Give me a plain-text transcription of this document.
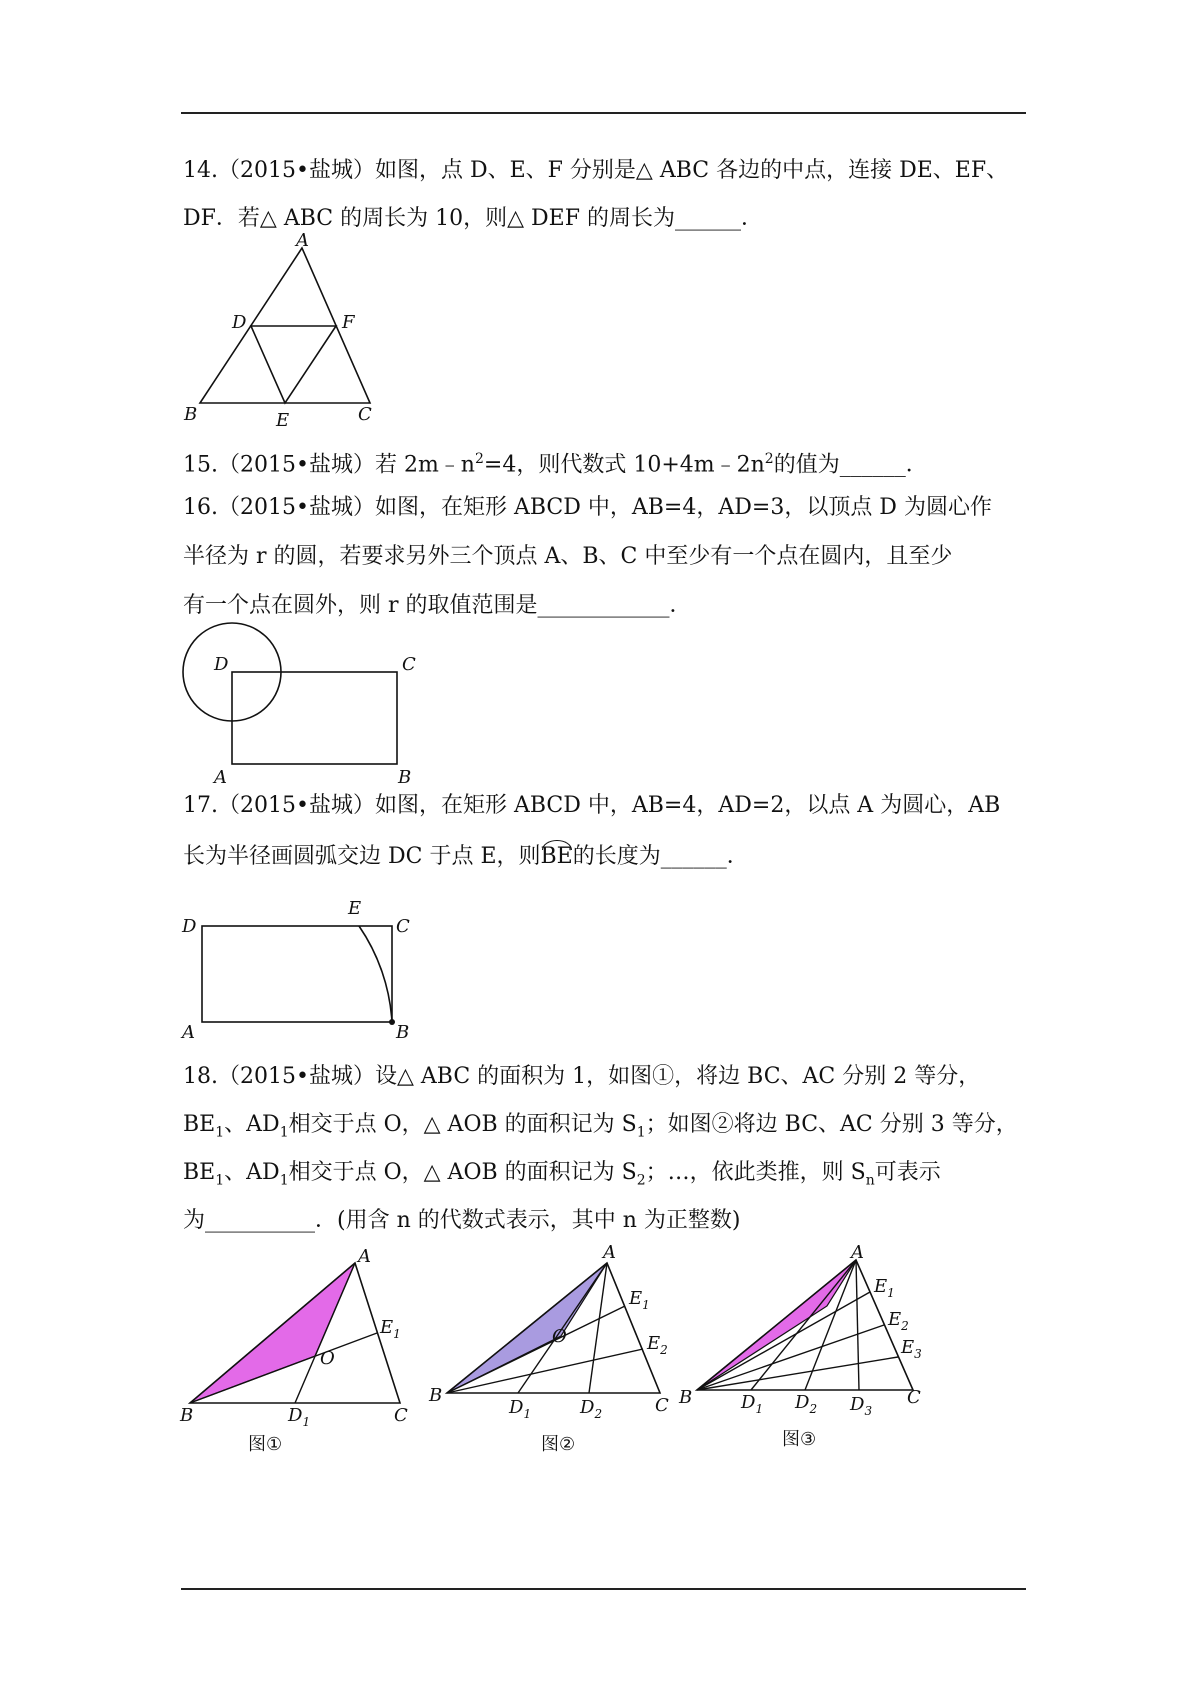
14.（2015•盐城）如图，点 D、E、F 分别是△ ABC 各边的中点，连接 DE、EF、
DF．若△ ABC 的周长为 10，则△ DEF 的周长为______．
A
B	C
D
E
F
15.（2015•盐城）若 $2m﹣n^2=4$，则代数式 $10+4m﹣2n^2$的值为______．
16.（2015•盐城）如图，在矩形 ABCD 中，AB=4，AD=3，以顶点 D 为圆心作
半径为 r 的圆，若要求另外三个顶点 A、B、C 中至少有一个点在圆内，且至少
有一个点在圆外，则 r 的取值范围是____________．
D	C
A	B
17.（2015•盐城）如图，在矩形 ABCD 中，AB=4，AD=2，以点 A 为圆心，AB
长为半径画圆弧交边 DC 于点 E，则BE的长度为______．
D
E
C
A	B
18.（2015•盐城）设△ ABC 的面积为 1，如图①，将边 BC、AC 分别 2 等分，
$BE_1$、$AD_1$相交于点 O，△ AOB 的面积记为 $S_1$；如图②将边 BC、AC 分别 3 等分，
$BE_1$、$AD_1$相交于点 O，△ AOB 的面积记为 $S_2$；…，依此类推，则 $S_n$可表示
为__________．(用含 n 的代数式表示，其中 n 为正整数)
A
B	C
O
$E_1$
$D_1$
图①
A
B	C
O
$E_1$
$E_2$
$D_1$	$D_2$
图②
A
B	C
$E_1$
$E_2$
$E_3$
$D_1$ $D_2$ $D_3$
图③
